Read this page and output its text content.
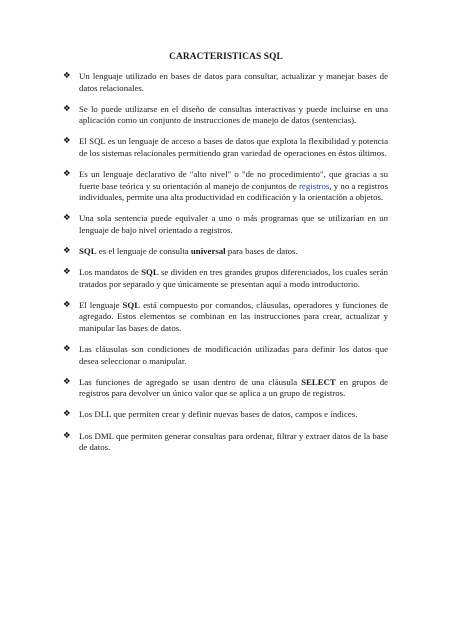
CARACTERISTICAS SQL
❖ Un lenguaje utilizado en bases de datos para consultar, actualizar y manejar bases de datos relacionales.
❖ Se lo puede utilizarse en el diseño de consultas interactivas y puede incluirse en una aplicación como un conjunto de instrucciones de manejo de datos (sentencias).
❖ El SQL es un lenguaje de acceso a bases de datos que explota la flexibilidad y potencia de los sistemas relacionales permitiendo gran variedad de operaciones en éstos últimos.
❖ Es un lenguaje declarativo de "alto nivel" o "de no procedimiento", que gracias a su fuerte base teórica y su orientación al manejo de conjuntos de registros, y no a registros individuales, permite una alta productividad en codificación y la orientación a objetos.
❖ Una sola sentencia puede equivaler a uno o más programas que se utilizarían en un lenguaje de bajo nivel orientado a registros.
❖ SQL es el lenguaje de consulta universal para bases de datos.
❖ Los mandatos de SQL se dividen en tres grandes grupos diferenciados, los cuales serán tratados por separado y que únicamente se presentan aquí a modo introductorio.
❖ El lenguaje SQL está compuesto por comandos, cláusulas, operadores y funciones de agregado. Estos elementos se combinan en las instrucciones para crear, actualizar y manipular las bases de datos.
❖ Las cláusulas son condiciones de modificación utilizadas para definir los datos que desea seleccionar o manipular.
❖ Las funciones de agregado se usan dentro de una cláusula SELECT en grupos de registros para devolver un único valor que se aplica a un grupo de registros.
❖ Los DLL que permiten crear y definir nuevas bases de datos, campos e índices.
❖ Los DML que permiten generar consultas para ordenar, filtrar y extraer datos de la base de datos.
